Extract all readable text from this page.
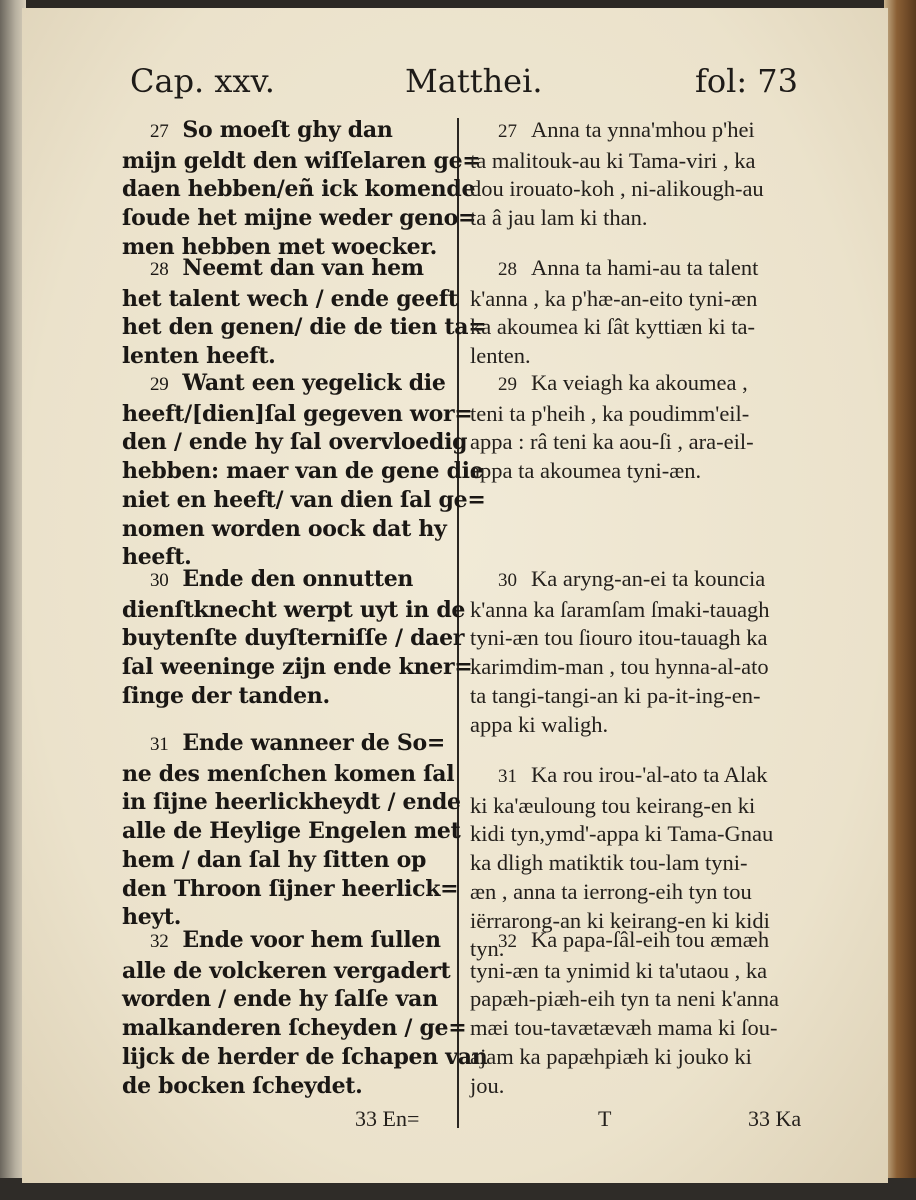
Cap. xxv.	Matthei.	fol: 73
27 So moeſt ghy dan
mijn geldt den wiſſelaren ge=
daen hebben/eñ ick komende
ſoude het mijne weder geno=
men hebben met woecker.
28 Neemt dan van hem
het talent wech / ende geeft
het den genen/ die de tien ta=
lenten heeft.
29 Want een yegelick die
heeft/[dien]ſal gegeven wor=
den / ende hy ſal overvloedig
hebben: maer van de gene die
niet en heeft/ van dien ſal ge=
nomen worden oock dat hy
heeft.
30 Ende den onnutten
dienſtknecht werpt uyt in de
buytenſte duyſterniſſe / daer
ſal weeninge zijn ende kner=
ſinge der tanden.
31 Ende wanneer de So=
ne des menſchen komen ſal
in ſijne heerlickheydt / ende
alle de Heylige Engelen met
hem / dan ſal hy ſitten op
den Throon ſijner heerlick=
heyt.
32 Ende voor hem ſullen
alle de volckeren vergadert
worden / ende hy ſalſe van
malkanderen ſcheyden / ge=
lijck de herder de ſchapen van
de bocken ſcheydet.
27 Anna ta ynna'mhou p'hei
ta malitouk-au ki Tama-viri , ka
dou irouato-koh , ni-alikough-au
ta â jau lam ki than.
28 Anna ta hami-au ta talent
k'anna , ka p'hæ-an-eito tyni-æn
ka akoumea ki ſât kyttiæn ki ta-
lenten.
29 Ka veiagh ka akoumea ,
teni ta p'heih , ka poudimm'eil-
appa : râ teni ka aou-ſi , ara-eil-
appa ta akoumea tyni-æn.
30 Ka aryng-an-ei ta kouncia
k'anna ka ſaramſam ſmaki-tauagh
tyni-æn tou ſiouro itou-tauagh ka
karimdim-man , tou hynna-al-ato
ta tangi-tangi-an ki pa-it-ing-en-
appa ki waligh.
31 Ka rou irou-'al-ato ta Alak
ki ka'æuloung tou keirang-en ki
kidi tyn,ymd'-appa ki Tama-Gnau
ka dligh matiktik tou-lam tyni-
æn , anna ta ierrong-eih tyn tou
iërrarong-an ki keirang-en ki kidi
tyn.
32 Ka papa-ſâl-eih tou æmæh
tyni-æn ta ynimid ki ta'utaou , ka
papæh-piæh-eih tyn ta neni k'anna
mæi tou-tavætævæh mama ki ſou-
ajam ka papæhpiæh ki jouko ki
jou.
33 En=	T	33 Ka
